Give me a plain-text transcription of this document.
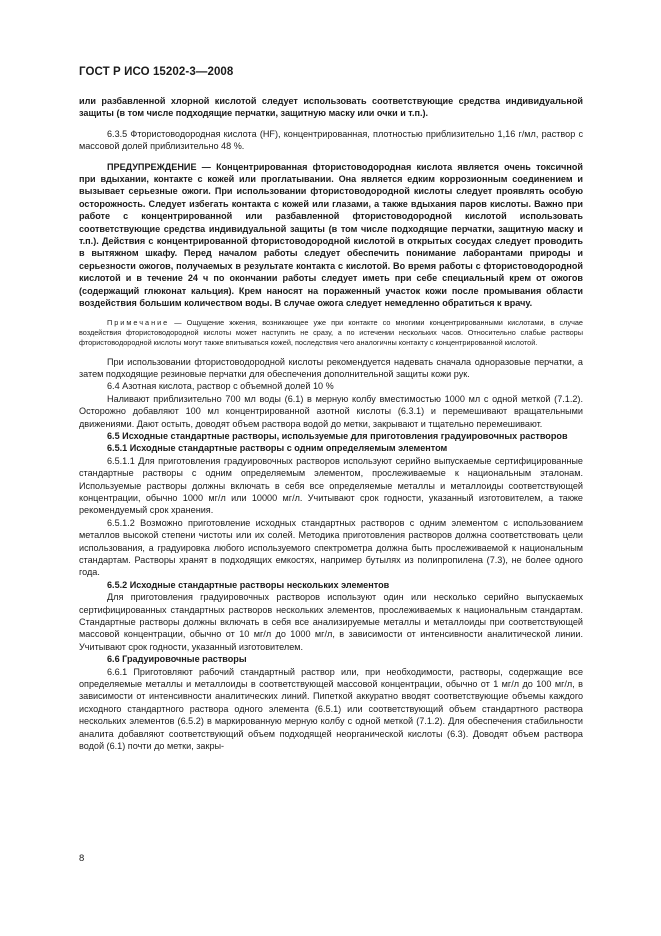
ГОСТ Р ИСО 15202-3—2008

или разбавленной хлорной кислотой следует использовать соответствующие средства индивидуальной защиты (в том числе подходящие перчатки, защитную маску или очки и т.п.).

6.3.5 Фтористоводородная кислота (HF), концентрированная, плотностью приблизительно 1,16 г/мл, раствор с массовой долей приблизительно 48 %.

ПРЕДУПРЕЖДЕНИЕ — Концентрированная фтористоводородная кислота является очень токсичной при вдыхании, контакте с кожей или проглатывании. Она является едким коррозионным соединением и вызывает серьезные ожоги. При использовании фтористоводородной кислоты следует проявлять особую осторожность. Следует избегать контакта с кожей или глазами, а также вдыхания паров кислоты. Важно при работе с концентрированной или разбавленной фтористоводородной кислотой использовать соответствующие средства индивидуальной защиты (в том числе подходящие перчатки, защитную маску и т.п.). Действия с концентрированной фтористоводородной кислотой в открытых сосудах следует проводить в вытяжном шкафу. Перед началом работы следует обеспечить понимание лаборантами природы и серьезности ожогов, получаемых в результате контакта с кислотой. Во время работы с фтористоводородной кислотой и в течение 24 ч по окончании работы следует иметь при себе специальный крем от ожогов (содержащий глюконат кальция). Крем наносят на пораженный участок кожи после промывания области воздействия большим количеством воды. В случае ожога следует немедленно обратиться к врачу.

Примечание — Ощущение жжения, возникающее уже при контакте со многими концентрированными кислотами, в случае воздействия фтористоводородной кислоты может наступить не сразу, а по истечении нескольких часов. Относительно слабые растворы фтористоводородной кислоты могут также впитываться кожей, последствия чего аналогичны контакту с концентрированной кислотой.

При использовании фтористоводородной кислоты рекомендуется надевать сначала одноразовые перчатки, а затем подходящие резиновые перчатки для обеспечения дополнительной защиты кожи рук.

6.4 Азотная кислота, раствор с объемной долей 10 %

Наливают приблизительно 700 мл воды (6.1) в мерную колбу вместимостью 1000 мл с одной меткой (7.1.2). Осторожно добавляют 100 мл концентрированной азотной кислоты (6.3.1) и перемешивают вращательными движениями. Дают остыть, доводят объем раствора водой до метки, закрывают и тщательно перемешивают.

6.5 Исходные стандартные растворы, используемые для приготовления градуировочных растворов

6.5.1 Исходные стандартные растворы с одним определяемым элементом

6.5.1.1 Для приготовления градуировочных растворов используют серийно выпускаемые сертифицированные стандартные растворы с одним определяемым элементом, прослеживаемые к национальным эталонам. Используемые растворы должны включать в себя все определяемые металлы и металлоиды соответствующей концентрации, обычно 1000 мг/л или 10000 мг/л. Учитывают срок годности, указанный изготовителем, а также рекомендуемый срок хранения.

6.5.1.2 Возможно приготовление исходных стандартных растворов с одним элементом с использованием металлов высокой степени чистоты или их солей. Методика приготовления растворов должна соответствовать цели использования, а градуировка любого используемого спектрометра должна быть прослеживаемой к национальным стандартам. Растворы хранят в подходящих емкостях, например бутылях из полипропилена (7.3), не более одного года.

6.5.2 Исходные стандартные растворы нескольких элементов

Для приготовления градуировочных растворов используют один или несколько серийно выпускаемых сертифицированных стандартных растворов нескольких элементов, прослеживаемых к национальным стандартам. Стандартные растворы должны включать в себя все анализируемые металлы и металлоиды при соответствующей массовой концентрации, обычно от 10 мг/л до 1000 мг/л, в зависимости от интенсивности аналитической линии. Учитывают срок годности, указанный изготовителем.

6.6 Градуировочные растворы

6.6.1 Приготовляют рабочий стандартный раствор или, при необходимости, растворы, содержащие все определяемые металлы и металлоиды в соответствующей массовой концентрации, обычно от 1 мг/л до 100 мг/л, в зависимости от интенсивности аналитических линий. Пипеткой аккуратно вводят соответствующие объемы каждого исходного стандартного раствора одного элемента (6.5.1) или соответствующий объем стандартного раствора нескольких элементов (6.5.2) в маркированную мерную колбу с одной меткой (7.1.2). Для обеспечения стабильности аналита добавляют соответствующий объем подходящей неорганической кислоты (6.3). Доводят объем раствора водой (6.1) почти до метки, закры-

8
